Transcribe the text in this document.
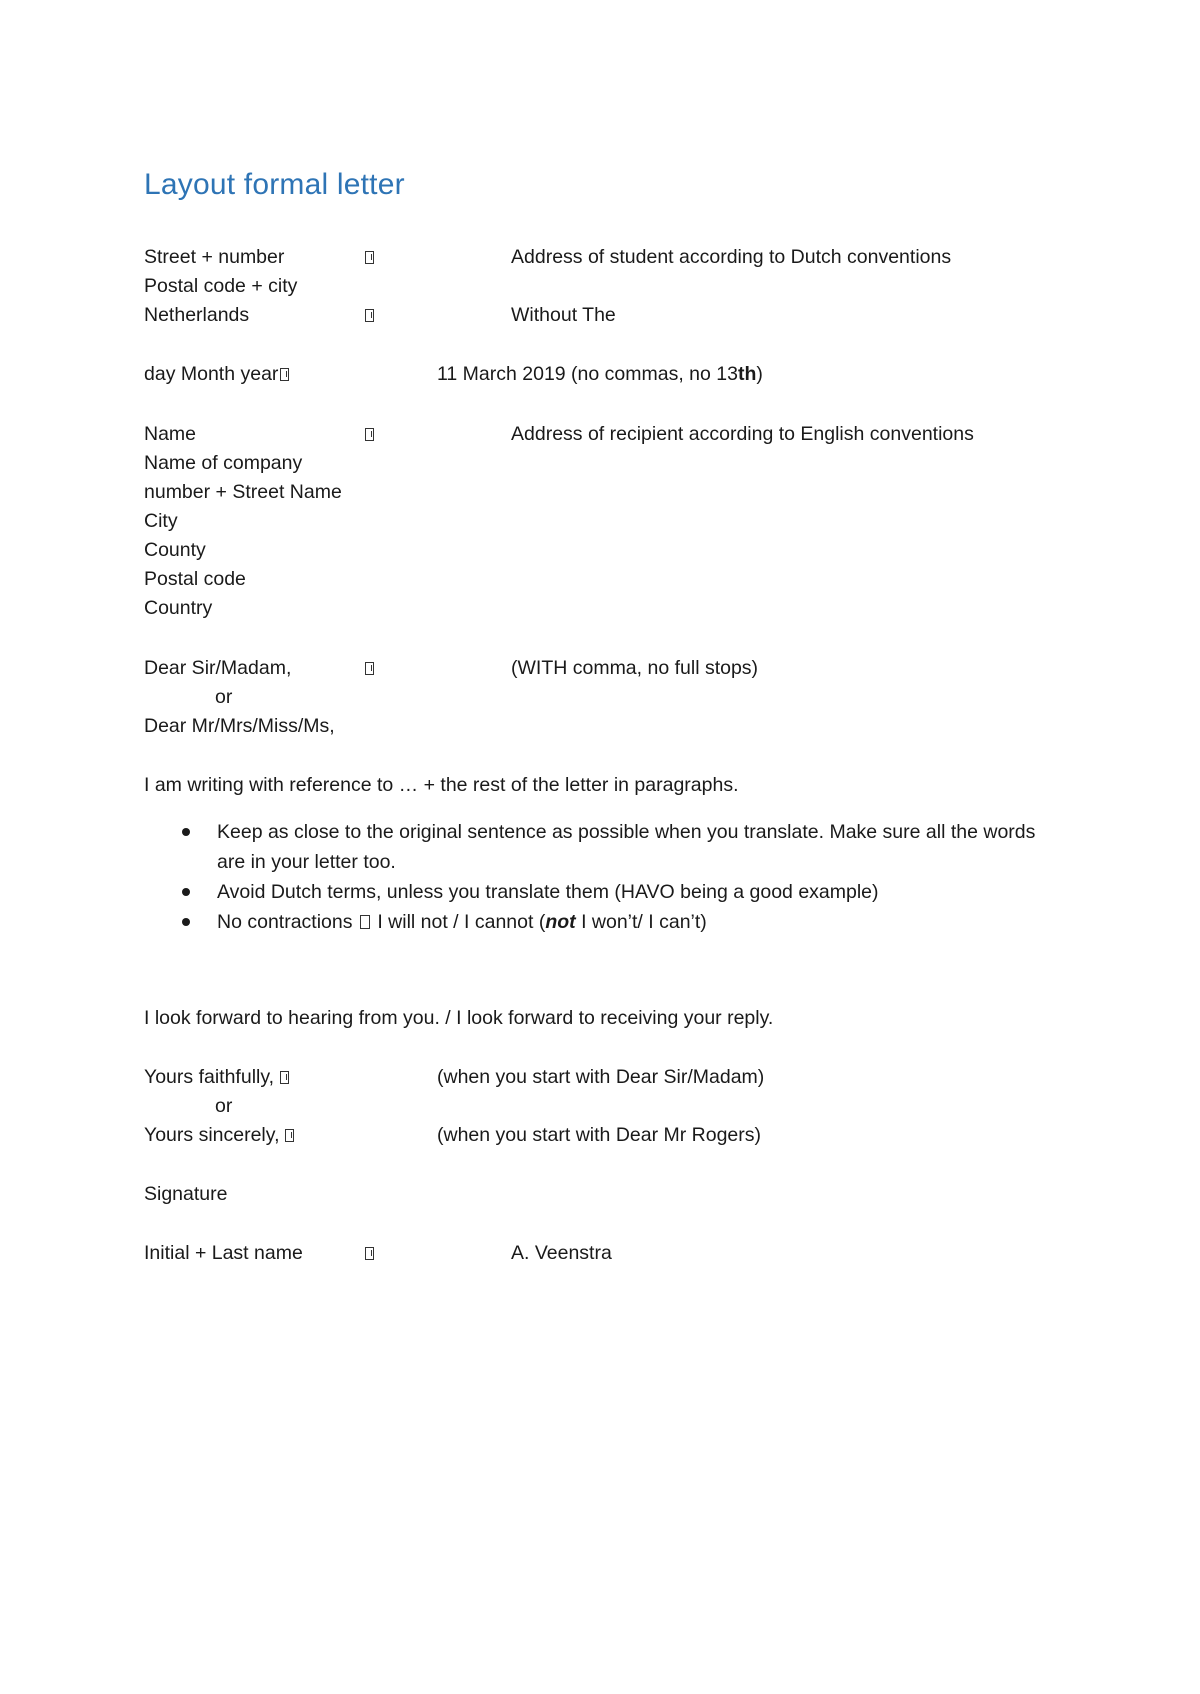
Layout formal letter
Street + number	Address of student according to Dutch conventions
Postal code + city
Netherlands	Without The
day Month year	11 March 2019 (no commas, no 13th)
Name	Address of recipient according to English conventions
Name of company
number + Street Name
City
County
Postal code
Country
Dear Sir/Madam,	(WITH comma, no full stops)
or
Dear Mr/Mrs/Miss/Ms,
I am writing with reference to … + the rest of the letter in paragraphs.
Keep as close to the original sentence as possible when you translate. Make sure all the words are in your letter too.
Avoid Dutch terms, unless you translate them (HAVO being a good example)
No contractions I will not / I cannot (not I won’t/ I can’t)
I look forward to hearing from you. / I look forward to receiving your reply.
Yours faithfully,	(when you start with Dear Sir/Madam)
or
Yours sincerely,	(when you start with Dear Mr Rogers)
Signature
Initial + Last name	A. Veenstra
